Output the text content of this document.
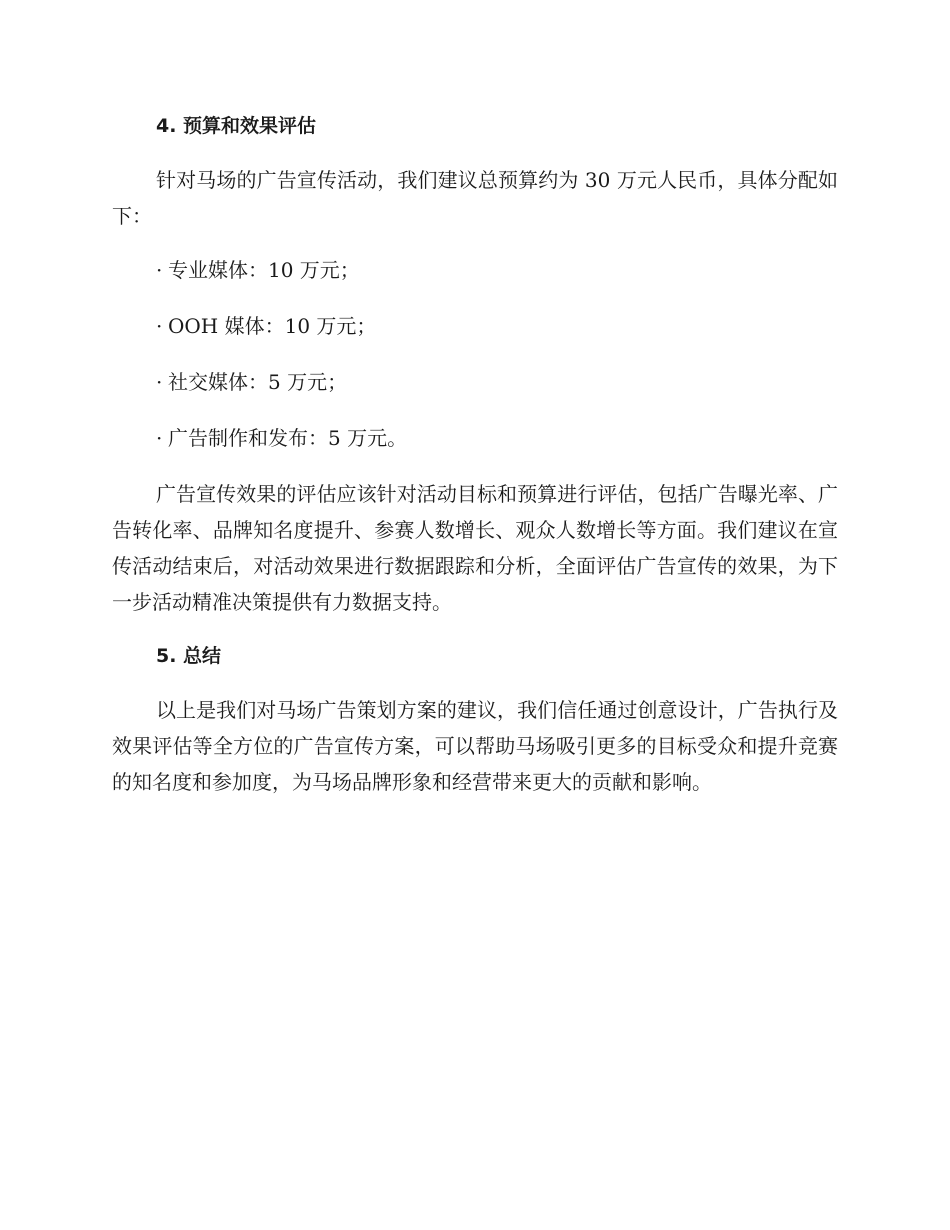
4. 预算和效果评估

针对马场的广告宣传活动，我们建议总预算约为 30 万元人民币，具体分配如下：

· 专业媒体：10 万元；
· OOH 媒体：10 万元；
· 社交媒体：5 万元；
· 广告制作和发布：5 万元。

广告宣传效果的评估应该针对活动目标和预算进行评估，包括广告曝光率、广告转化率、品牌知名度提升、参赛人数增长、观众人数增长等方面。我们建议在宣传活动结束后，对活动效果进行数据跟踪和分析，全面评估广告宣传的效果，为下一步活动精准决策提供有力数据支持。

5. 总结

以上是我们对马场广告策划方案的建议，我们信任通过创意设计，广告执行及效果评估等全方位的广告宣传方案，可以帮助马场吸引更多的目标受众和提升竞赛的知名度和参加度，为马场品牌形象和经营带来更大的贡献和影响。
